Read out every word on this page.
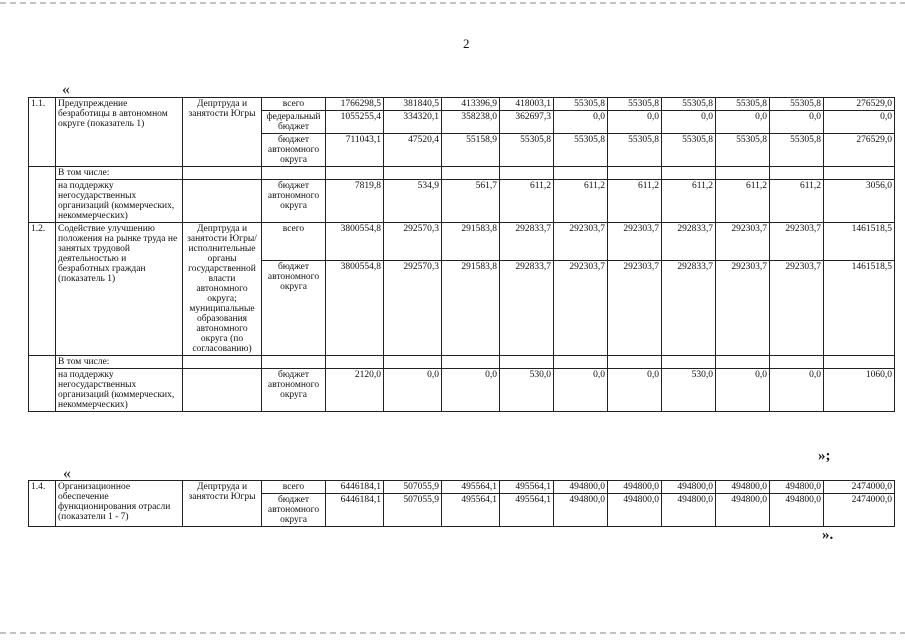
2
«
1.1.	Предупреждение безработицы в автономном округе (показатель 1)	Депртруда и занятости Югры	всего	1766298,5	381840,5	413396,9	418003,1	55305,8	55305,8	55305,8	55305,8	55305,8	276529,0
			федеральный бюджет	1055255,4	334320,1	358238,0	362697,3	0,0	0,0	0,0	0,0	0,0	0,0
			бюджет автономного округа	711043,1	47520,4	55158,9	55305,8	55305,8	55305,8	55305,8	55305,8	55305,8	276529,0
	В том числе:												
	на поддержку негосударственных организаций (коммерческих, некоммерческих)		бюджет автономного округа	7819,8	534,9	561,7	611,2	611,2	611,2	611,2	611,2	611,2	3056,0
1.2.	Содействие улучшению положения на рынке труда не занятых трудовой деятельностью и безработных граждан (показатель 1)	Депртруда и занятости Югры/ исполнительные органы государственной власти автономного округа; муниципальные образования автономного округа (по согласованию)	всего	3800554,8	292570,3	291583,8	292833,7	292303,7	292303,7	292833,7	292303,7	292303,7	1461518,5
			бюджет автономного округа	3800554,8	292570,3	291583,8	292833,7	292303,7	292303,7	292833,7	292303,7	292303,7	1461518,5
	В том числе:												
	на поддержку негосударственных организаций (коммерческих, некоммерческих)		бюджет автономного округа	2120,0	0,0	0,0	530,0	0,0	0,0	530,0	0,0	0,0	1060,0
»;
«
1.4.	Организационное обеспечение функционирования отрасли (показатели 1 - 7)	Депртруда и занятости Югры	всего	6446184,1	507055,9	495564,1	495564,1	494800,0	494800,0	494800,0	494800,0	494800,0	2474000,0
			бюджет автономного округа	6446184,1	507055,9	495564,1	495564,1	494800,0	494800,0	494800,0	494800,0	494800,0	2474000,0
».
